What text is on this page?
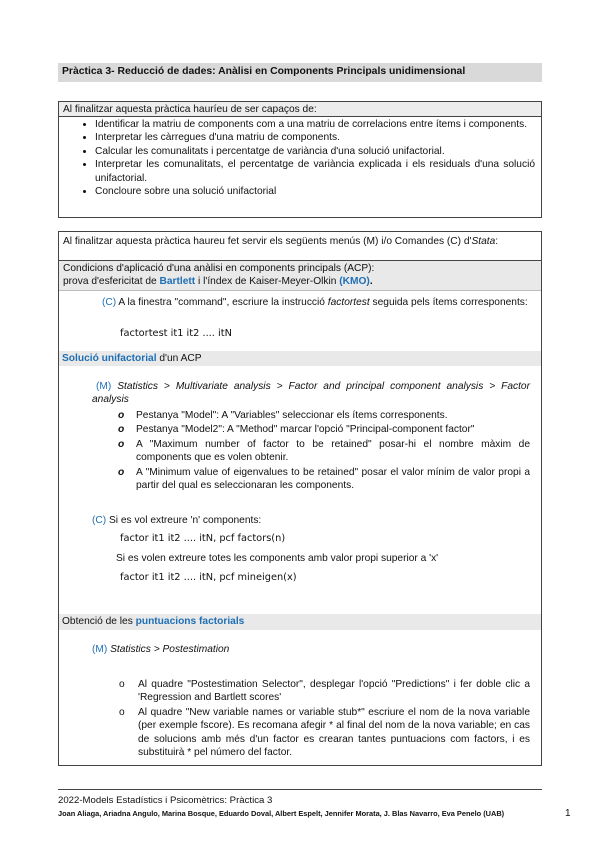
Pràctica 3- Reducció de dades: Anàlisi en Components Principals unidimensional
Al finalitzar aquesta pràctica hauríeu de ser capaços de:
• Identificar la matriu de components com a una matriu de correlacions entre ítems i components.
• Interpretar les càrregues d'una matriu de components.
• Calcular les comunalitats i percentatge de variància d'una solució unifactorial.
• Interpretar les comunalitats, el percentatge de variància explicada i els residuals d'una solució unifactorial.
• Concloure sobre una solució unifactorial
Al finalitzar aquesta pràctica haureu fet servir els següents menús (M) i/o Comandes (C) d'Stata:
Condicions d'aplicació d'una anàlisi en components principals (ACP):
prova d'esfericitat de Bartlett i l'índex de Kaiser-Meyer-Olkin (KMO).
(C) A la finestra "command", escriure la instrucció factortest seguida pels ítems corresponents:
factortest it1 it2 .... itN
Solució unifactorial d'un ACP
(M) Statistics > Multivariate analysis > Factor and principal component analysis > Factor analysis
o Pestanya "Model": A "Variables" seleccionar els ítems corresponents.
o Pestanya "Model2": A "Method" marcar l'opció "Principal-component factor"
o A "Maximum number of factor to be retained" posar-hi el nombre màxim de components que es volen obtenir.
o A "Minimum value of eigenvalues to be retained" posar el valor mínim de valor propi a partir del qual es seleccionaran les components.
(C) Si es vol extreure 'n' components:
factor it1 it2 .... itN, pcf factors(n)
Si es volen extreure totes les components amb valor propi superior a 'x'
factor it1 it2 .... itN, pcf mineigen(x)
Obtenció de les puntuacions factorials
(M) Statistics > Postestimation
o Al quadre "Postestimation Selector", desplegar l'opció "Predictions" i fer doble clic a 'Regression and Bartlett scores'
o Al quadre "New variable names or variable stub*" escriure el nom de la nova variable (per exemple fscore). Es recomana afegir * al final del nom de la nova variable; en cas de solucions amb més d'un factor es crearan tantes puntuacions com factors, i es substituirà * pel número del factor.
2022-Models Estadístics i Psicomètrics: Pràctica 3
Joan Aliaga, Ariadna Angulo, Marina Bosque, Eduardo Doval, Albert Espelt, Jennifer Morata, J. Blas Navarro, Eva Penelo (UAB)	1
